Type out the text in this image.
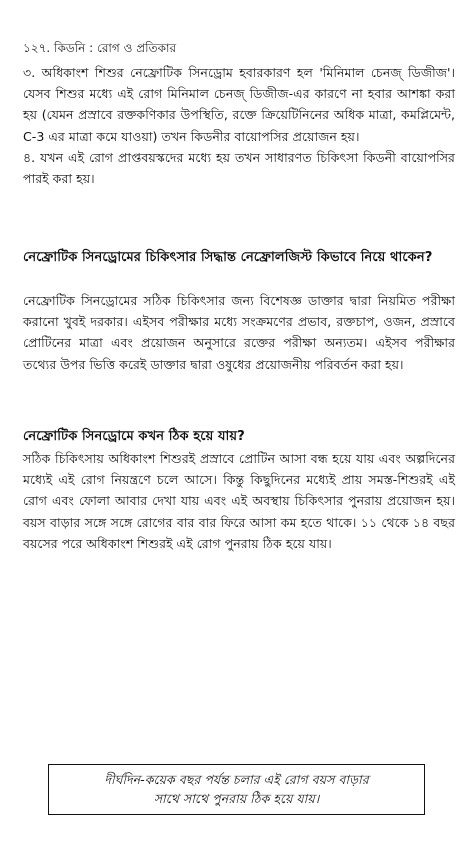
১২৭. কিডনি : রোগ ও প্রতিকার

৩. অধিকাংশ শিশুর নেফ্রোটিক সিনড্রোম হবারকারণ হল 'মিনিমাল চেনজ্ ডিজীজ'। যেসব শিশুর মধ্যে এই রোগ মিনিমাল চেনজ্ ডিজীজ-এর কারণে না হবার আশঙ্কা করা হয় (যেমন প্রস্রাবে রক্তকণিকার উপস্থিতি, রক্তে ক্রিয়েটিনিনের অধিক মাত্রা, কমপ্লিমেন্ট, C-3 এর মাত্রা কমে যাওয়া) তখন কিডনীর বায়োপসির প্রয়োজন হয়।

৪. যখন এই রোগ প্রাপ্তবয়স্কদের মধ্যে হয় তখন সাধারণত চিকিৎসা কিডনী বায়োপসির পারই করা হয়।

নেফ্রোটিক সিনড্রোমের চিকিৎসার সিদ্ধান্ত নেফ্রোলজিস্ট কিভাবে নিয়ে থাকেন?

নেফ্রোটিক সিনড্রোমের সঠিক চিকিৎসার জন্য বিশেষজ্ঞ ডাক্তার দ্বারা নিয়মিত পরীক্ষা করানো খুবই দরকার। এইসব পরীক্ষার মধ্যে সংক্রমণের প্রভাব, রক্তচাপ, ওজন, প্রস্রাবে প্রোটিনের মাত্রা এবং প্রয়োজন অনুসারে রক্তের পরীক্ষা অন্যতম। এইসব পরীক্ষার তথ্যের উপর ভিত্তি করেই ডাক্তার দ্বারা ওষুধের প্রয়োজনীয় পরিবর্তন করা হয়।

নেফ্রোটিক সিনড্রোমে কখন ঠিক হয়ে যায়?

সঠিক চিকিৎসায় অধিকাংশ শিশুরই প্রস্রাবে প্রোটিন আসা বন্ধ হয়ে যায় এবং অল্পদিনের মধ্যেই এই রোগ নিয়ন্ত্রণে চলে আসে। কিন্তু কিছুদিনের মধ্যেই প্রায় সমস্ত-শিশুরই এই রোগ এবং ফোলা আবার দেখা যায় এবং এই অবস্থায় চিকিৎসার পুনরায় প্রয়োজন হয়। বয়স বাড়ার সঙ্গে সঙ্গে রোগের বার বার ফিরে আসা কম হতে থাকে। ১১ থেকে ১৪ বছর বয়সের পরে অধিকাংশ শিশুরই এই রোগ পুনরায় ঠিক হয়ে যায়।

দীর্ঘদিন-কয়েক বছর পর্যন্ত চলার এই রোগ বয়স বাড়ার
সাথে সাথে পুনরায় ঠিক হয়ে যায়।
